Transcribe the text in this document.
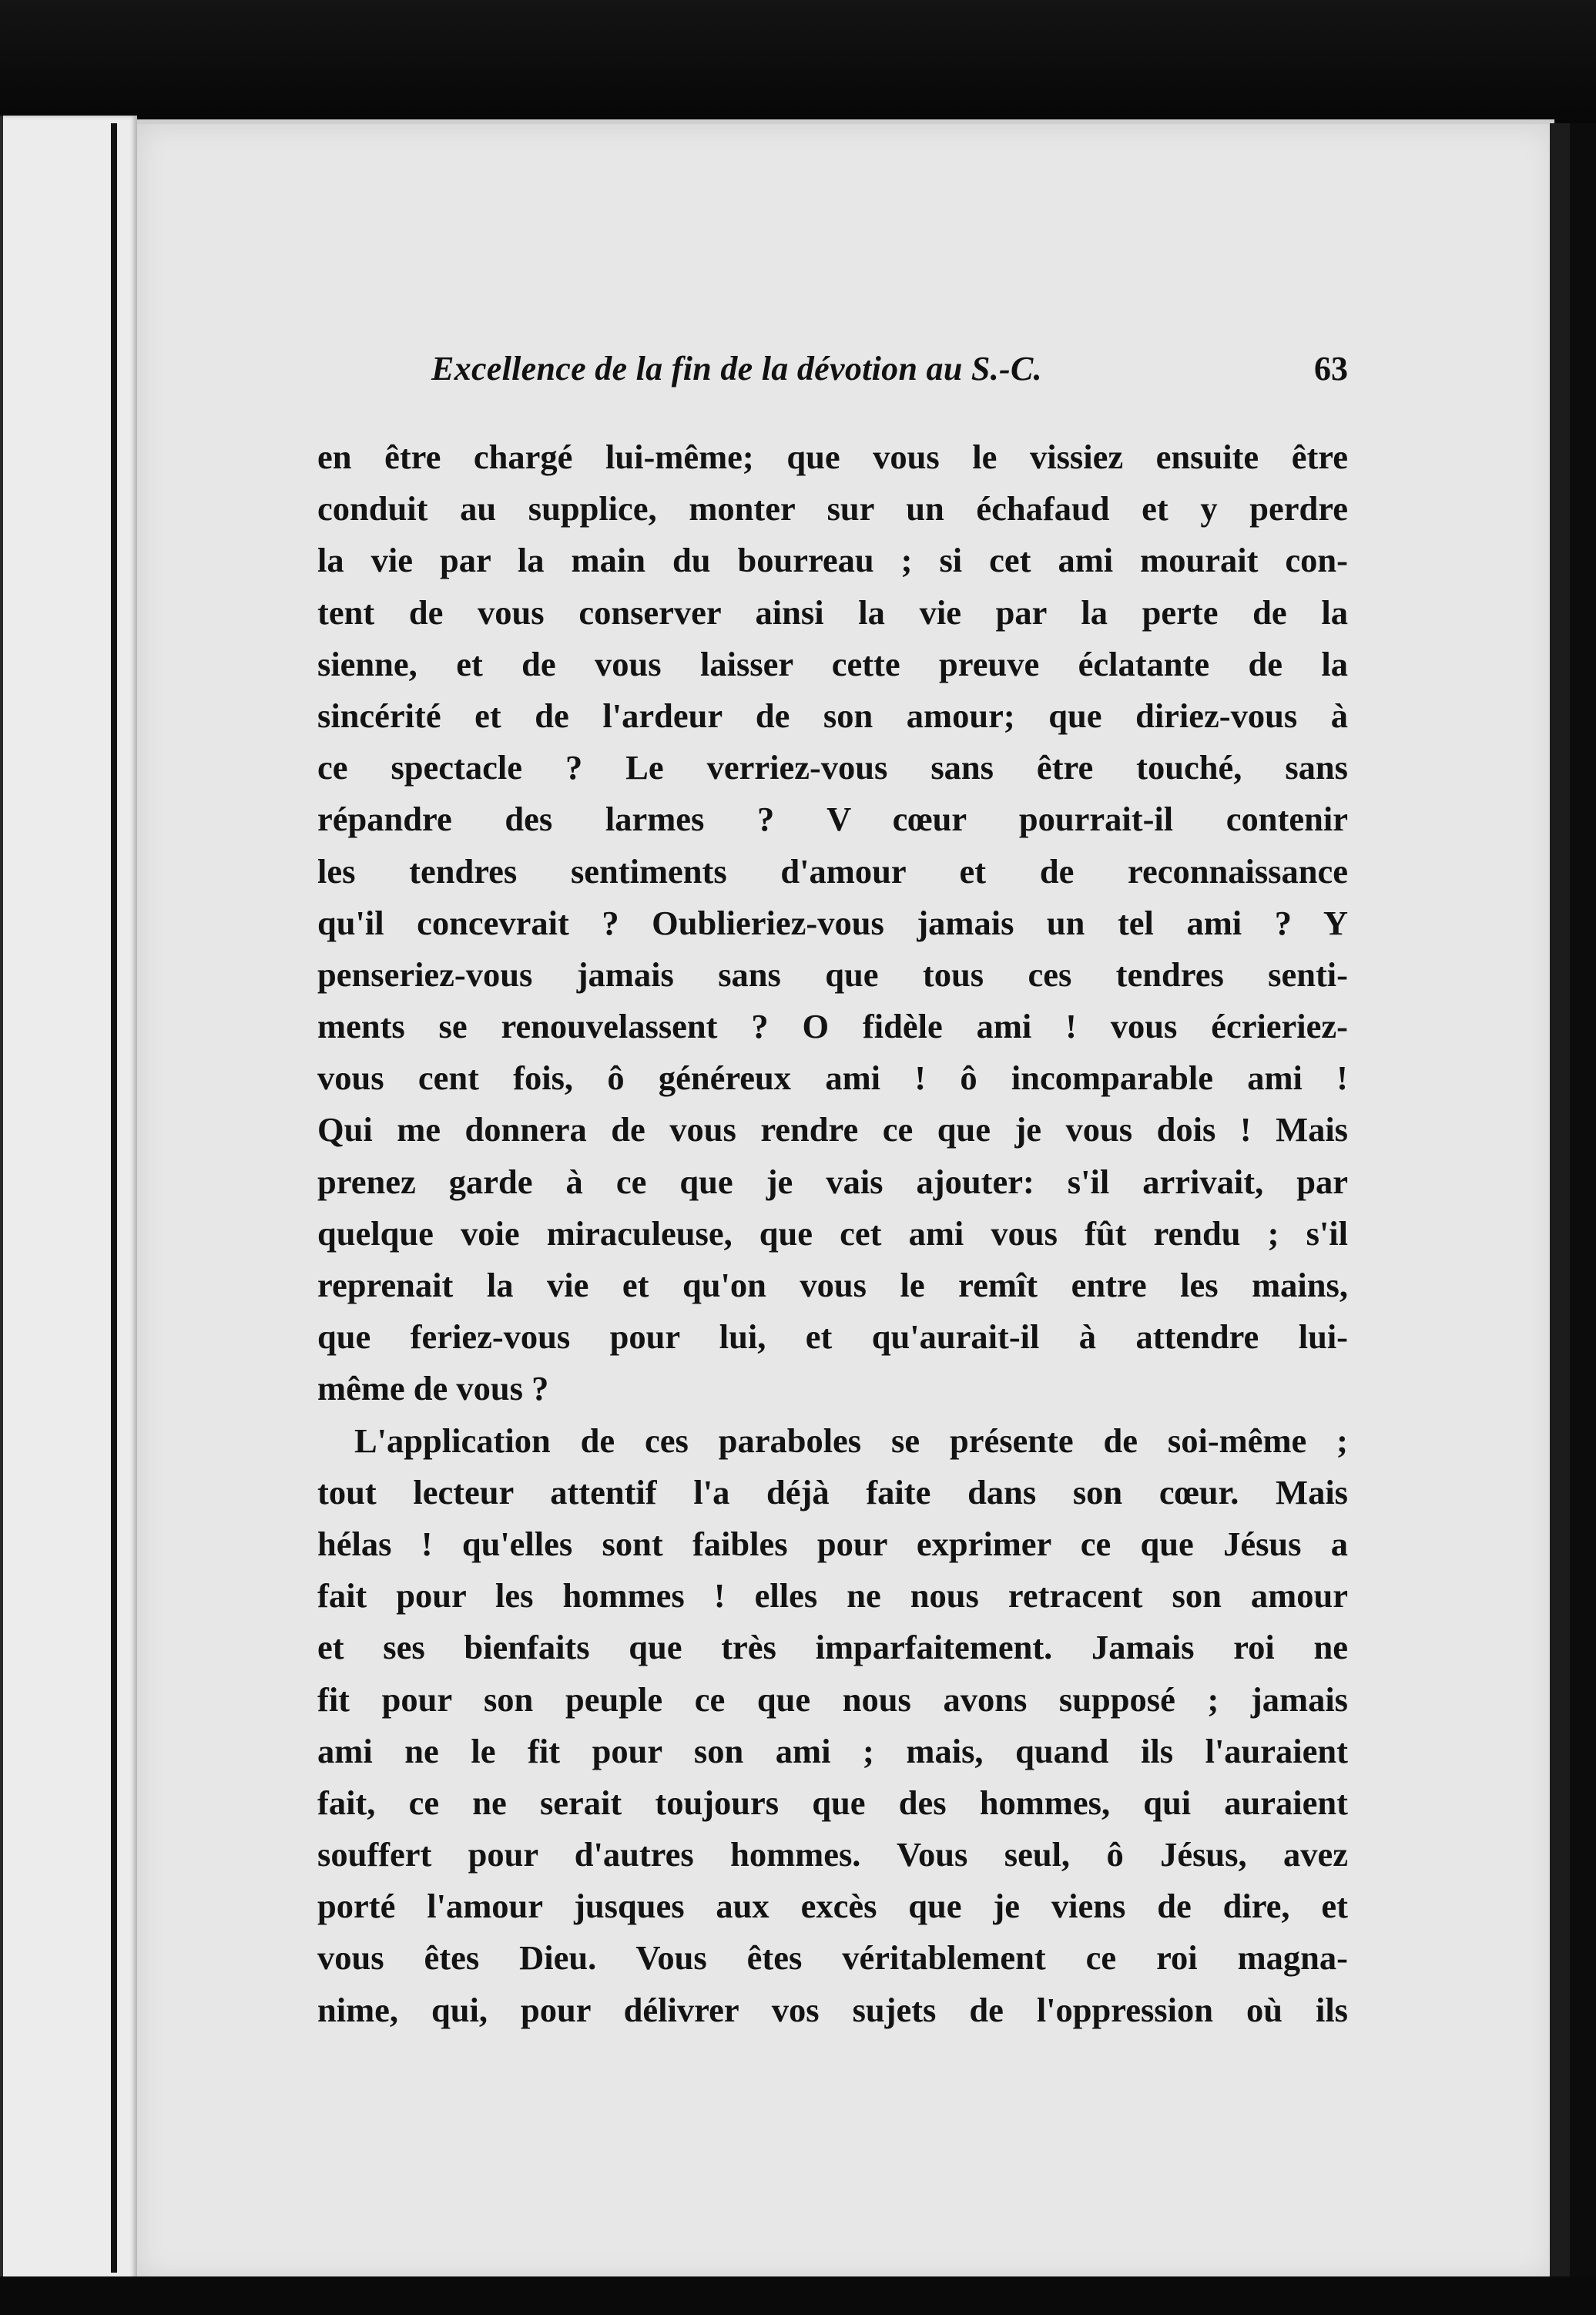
Excellence de la fin de la dévotion au S.-C.	63
en être chargé lui-même; que vous le vissiez ensuite être
conduit au supplice, monter sur un échafaud et y perdre
la vie par la main du bourreau ; si cet ami mourait con-
tent de vous conserver ainsi la vie par la perte de la
sienne, et de vous laisser cette preuve éclatante de la
sincérité et de l'ardeur de son amour; que diriez-vous à
ce spectacle ? Le verriez-vous sans être touché, sans
répandre des larmes ? V      cœur pourrait-il contenir
les tendres sentiments d'amour et de reconnaissance
qu'il concevrait ? Oublieriez-vous jamais un tel ami ? Y
penseriez-vous jamais sans que tous ces tendres senti-
ments se renouvelassent ? O fidèle ami ! vous écrieriez-
vous cent fois, ô généreux ami ! ô incomparable ami !
Qui me donnera de vous rendre ce que je vous dois ! Mais
prenez garde à ce que je vais ajouter: s'il arrivait, par
quelque voie miraculeuse, que cet ami vous fût rendu ; s'il
reprenait la vie et qu'on vous le remît entre les mains,
que feriez-vous pour lui, et qu'aurait-il à attendre lui-
même de vous ?
L'application de ces paraboles se présente de soi-même ;
tout lecteur attentif l'a déjà faite dans son cœur. Mais
hélas ! qu'elles sont faibles pour exprimer ce que Jésus a
fait pour les hommes ! elles ne nous retracent son amour
et ses bienfaits que très imparfaitement. Jamais roi ne
fit pour son peuple ce que nous avons supposé ; jamais
ami ne le fit pour son ami ; mais, quand ils l'auraient
fait, ce ne serait toujours que des hommes, qui auraient
souffert pour d'autres hommes. Vous seul, ô Jésus, avez
porté l'amour jusques aux excès que je viens de dire, et
vous êtes Dieu. Vous êtes véritablement ce roi magna-
nime, qui, pour délivrer vos sujets de l'oppression où ils
